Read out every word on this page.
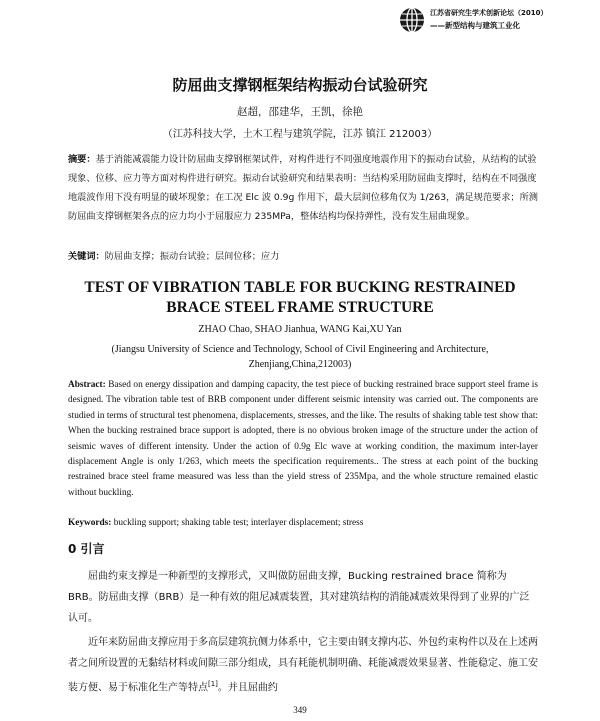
江苏省研究生学术创新论坛（2010）
——新型结构与建筑工业化
防屈曲支撑钢框架结构振动台试验研究
赵超，邵建华，王凯，徐艳
（江苏科技大学，土木工程与建筑学院，江苏 镇江 212003）
摘要：基于消能减震能力设计防屈曲支撑钢框架试件，对构件进行不同强度地震作用下的振动台试验，从结构的试验现象、位移、应力等方面对构件进行研究。振动台试验研究和结果表明：当结构采用防屈曲支撑时，结构在不同强度地震波作用下没有明显的破坏现象；在工况 Elc 波 0.9g 作用下，最大层间位移角仅为 1/263，满足规范要求；所测防屈曲支撑钢框架各点的应力均小于屈服应力 235MPa，整体结构均保持弹性，没有发生屈曲现象。
关键词：防屈曲支撑；振动台试验；层间位移；应力
TEST OF VIBRATION TABLE FOR BUCKING RESTRAINED
BRACE STEEL FRAME STRUCTURE
ZHAO Chao, SHAO Jianhua, WANG Kai,XU Yan
(Jiangsu University of Science and Technology, School of Civil Engineering and Architecture,
Zhenjiang,China,212003)
Abstract: Based on energy dissipation and damping capacity, the test piece of bucking restrained brace support steel frame is designed. The vibration table test of BRB component under different seismic intensity was carried out. The components are studied in terms of structural test phenomena, displacements, stresses, and the like. The results of shaking table test show that: When the bucking restrained brace support is adopted, there is no obvious broken image of the structure under the action of seismic waves of different intensity. Under the action of 0.9g Elc wave at working condition, the maximum inter-layer displacement Angle is only 1/263, which meets the specification requirements.. The stress at each point of the bucking restrained brace steel frame measured was less than the yield stress of 235Mpa, and the whole structure remained elastic without buckling.
Keywords: buckling support; shaking table test; interlayer displacement; stress
0 引言

屈曲约束支撑是一种新型的支撑形式，又叫做防屈曲支撑，Bucking restrained brace 简称为 BRB。防屈曲支撑（BRB）是一种有效的阻尼减震装置，其对建筑结构的消能减震效果得到了业界的广泛认可。

近年来防屈曲支撑应用于多高层建筑抗侧力体系中，它主要由钢支撑内芯、外包约束构件以及在上述两者之间所设置的无黏结材料或间隙三部分组成，具有耗能机制明确、耗能减震效果显著、性能稳定、施工安装方便、易于标准化生产等特点[1]。并且屈曲约

349
